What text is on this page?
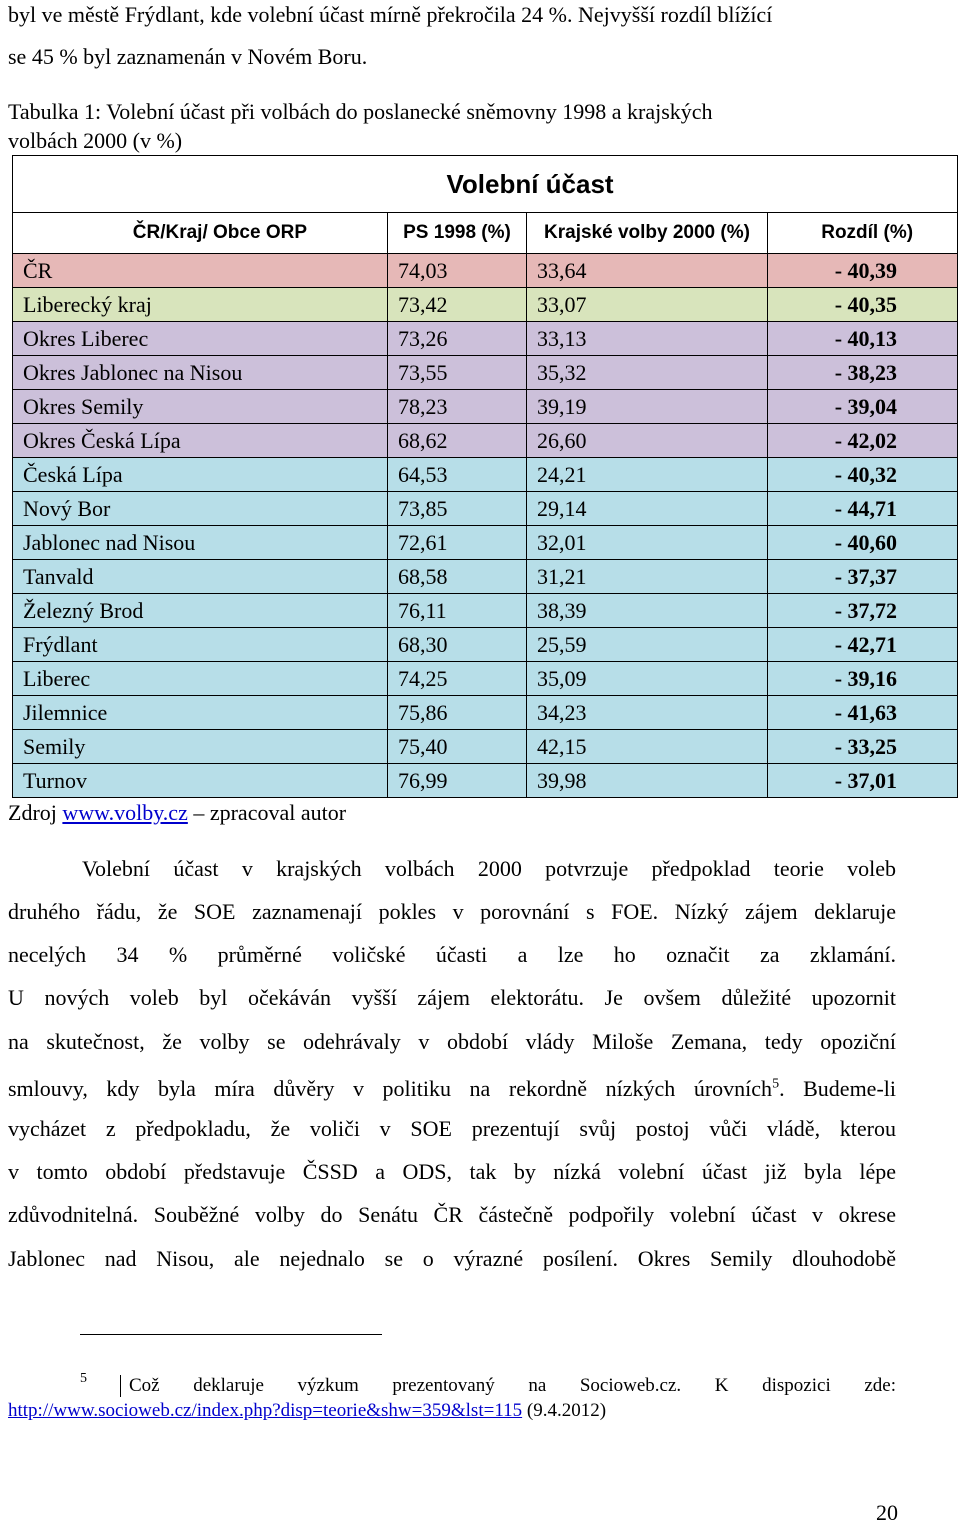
byl ve městě Frýdlant, kde volební účast mírně překročila 24 %. Nejvyšší rozdíl blížící
se 45 % byl zaznamenán v Novém Boru.
Tabulka 1: Volební účast při volbách do poslanecké sněmovny 1998 a krajských
volbách 2000 (v %)
Volební účast			
ČR/Kraj/ Obce ORP	PS 1998 (%)	Krajské volby 2000 (%)	Rozdíl (%)
ČR	74,03	33,64	- 40,39
Liberecký kraj	73,42	33,07	- 40,35
Okres Liberec	73,26	33,13	- 40,13
Okres Jablonec na Nisou	73,55	35,32	- 38,23
Okres Semily	78,23	39,19	- 39,04
Okres Česká Lípa	68,62	26,60	- 42,02
Česká Lípa	64,53	24,21	- 40,32
Nový Bor	73,85	29,14	- 44,71
Jablonec nad Nisou	72,61	32,01	- 40,60
Tanvald	68,58	31,21	- 37,37
Železný Brod	76,11	38,39	- 37,72
Frýdlant	68,30	25,59	- 42,71
Liberec	74,25	35,09	- 39,16
Jilemnice	75,86	34,23	- 41,63
Semily	75,40	42,15	- 33,25
Turnov	76,99	39,98	- 37,01
Zdroj www.volby.cz – zpracoval autor
Volební účast v krajských volbách 2000 potvrzuje předpoklad teorie voleb
druhého řádu, že SOE zaznamenají pokles v porovnání s FOE. Nízký zájem deklaruje
necelých 34 % průměrné voličské účasti a lze ho označit za zklamání.
U nových voleb byl očekáván vyšší zájem elektorátu. Je ovšem důležité upozornit
na skutečnost, že volby se odehrávaly v období vlády Miloše Zemana, tedy opoziční
smlouvy, kdy byla míra důvěry v politiku na rekordně nízkých úrovních$^5$. Budeme-li
vycházet z předpokladu, že voliči v SOE prezentují svůj postoj vůči vládě, kterou
v tomto období představuje ČSSD a ODS, tak by nízká volební účast již byla lépe
zdůvodnitelná. Souběžné volby do Senátu ČR částečně podpořily volební účast v okrese
Jablonec nad Nisou, ale nejednalo se o výrazné posílení. Okres Semily dlouhodobě
5	Což deklaruje výzkum prezentovaný na Socioweb.cz. K dispozici zde:
http://www.socioweb.cz/index.php?disp=teorie&shw=359&lst=115 (9.4.2012)
20
